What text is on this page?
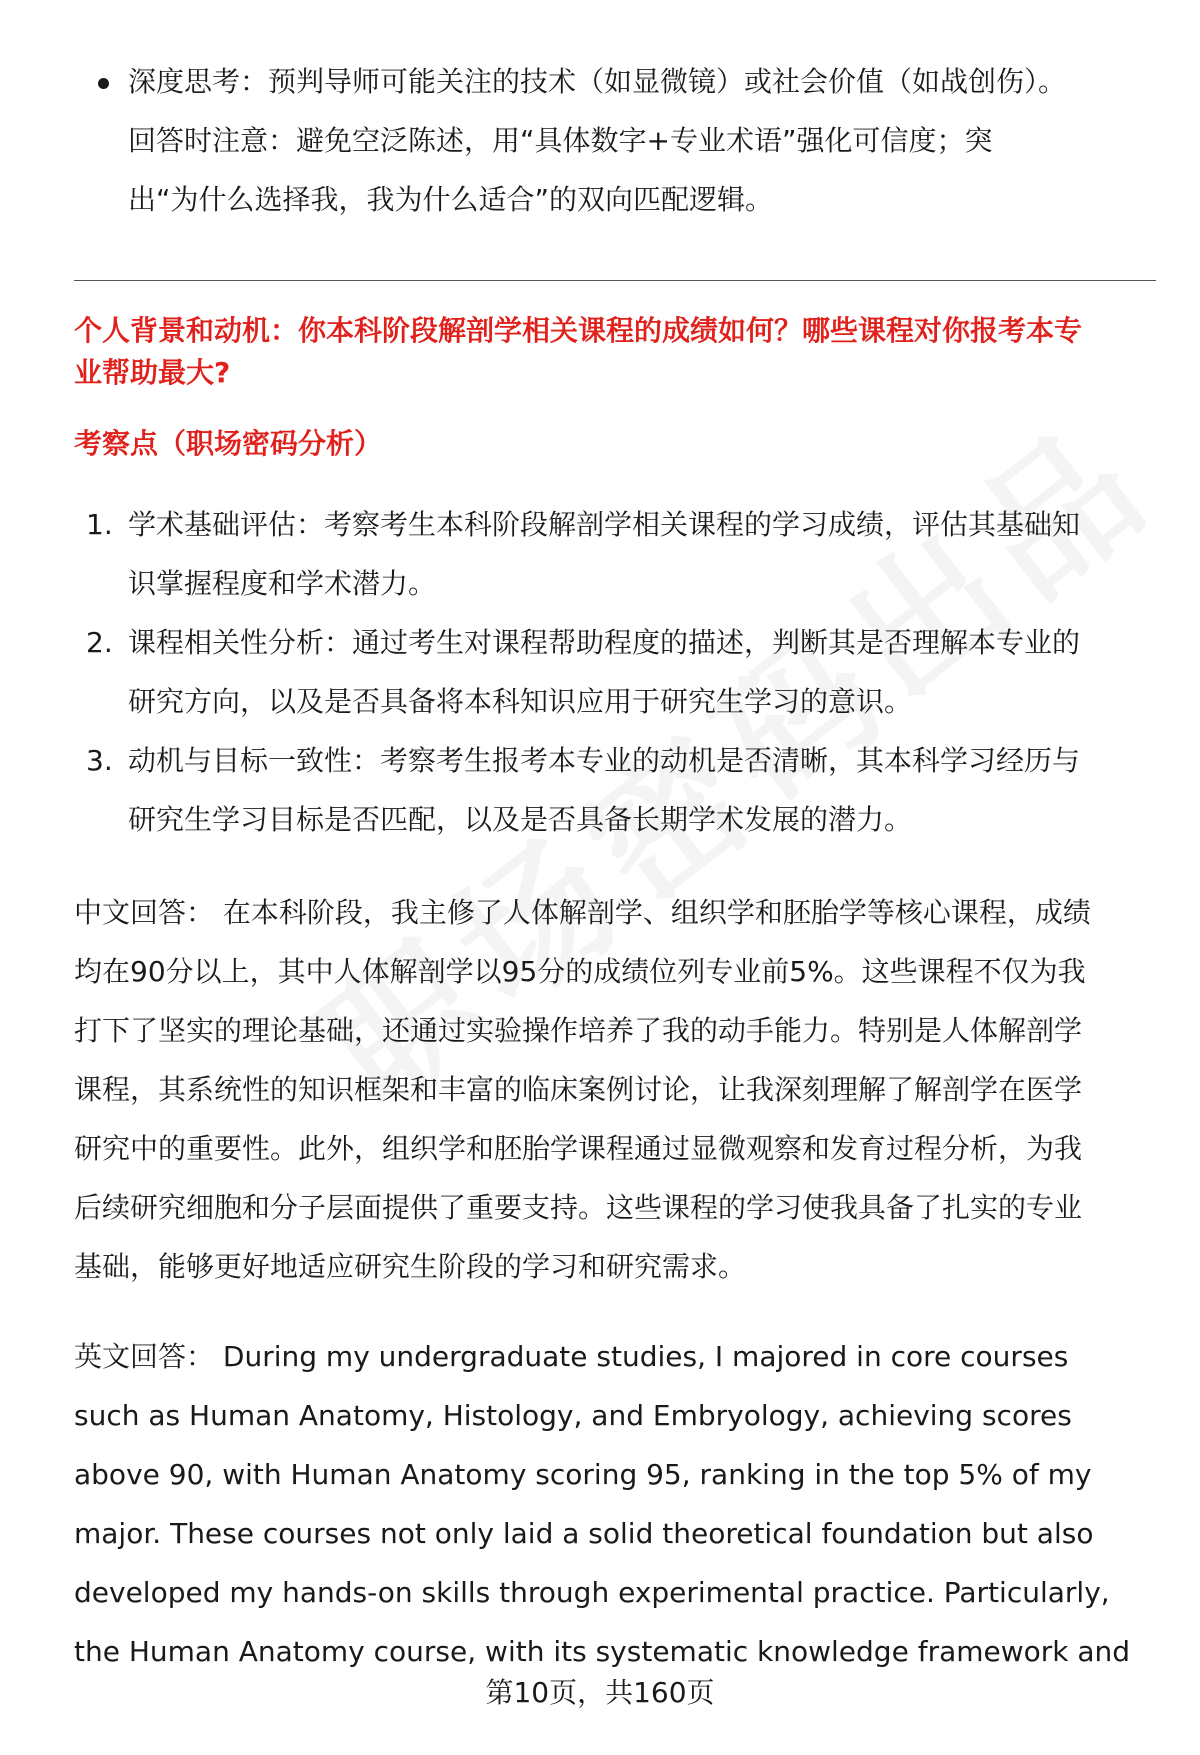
深度思考：预判导师可能关注的技术（如显微镜）或社会价值（如战创伤）。
回答时注意：避免空泛陈述，用“具体数字+专业术语”强化可信度；突
出“为什么选择我，我为什么适合”的双向匹配逻辑。
个人背景和动机：你本科阶段解剖学相关课程的成绩如何？哪些课程对你报考本专
业帮助最大?
考察点（职场密码分析）
1. 学术基础评估：考察考生本科阶段解剖学相关课程的学习成绩，评估其基础知
识掌握程度和学术潜力。
2. 课程相关性分析：通过考生对课程帮助程度的描述，判断其是否理解本专业的
研究方向，以及是否具备将本科知识应用于研究生学习的意识。
3. 动机与目标一致性：考察考生报考本专业的动机是否清晰，其本科学习经历与
研究生学习目标是否匹配，以及是否具备长期学术发展的潜力。
中文回答： 在本科阶段，我主修了人体解剖学、组织学和胚胎学等核心课程，成绩
均在90分以上，其中人体解剖学以95分的成绩位列专业前5%。这些课程不仅为我
打下了坚实的理论基础，还通过实验操作培养了我的动手能力。特别是人体解剖学
课程，其系统性的知识框架和丰富的临床案例讨论，让我深刻理解了解剖学在医学
研究中的重要性。此外，组织学和胚胎学课程通过显微观察和发育过程分析，为我
后续研究细胞和分子层面提供了重要支持。这些课程的学习使我具备了扎实的专业
基础，能够更好地适应研究生阶段的学习和研究需求。
英文回答： During my undergraduate studies, I majored in core courses
such as Human Anatomy, Histology, and Embryology, achieving scores
above 90, with Human Anatomy scoring 95, ranking in the top 5% of my
major. These courses not only laid a solid theoretical foundation but also
developed my hands-on skills through experimental practice. Particularly,
the Human Anatomy course, with its systematic knowledge framework and
第10页，共160页
